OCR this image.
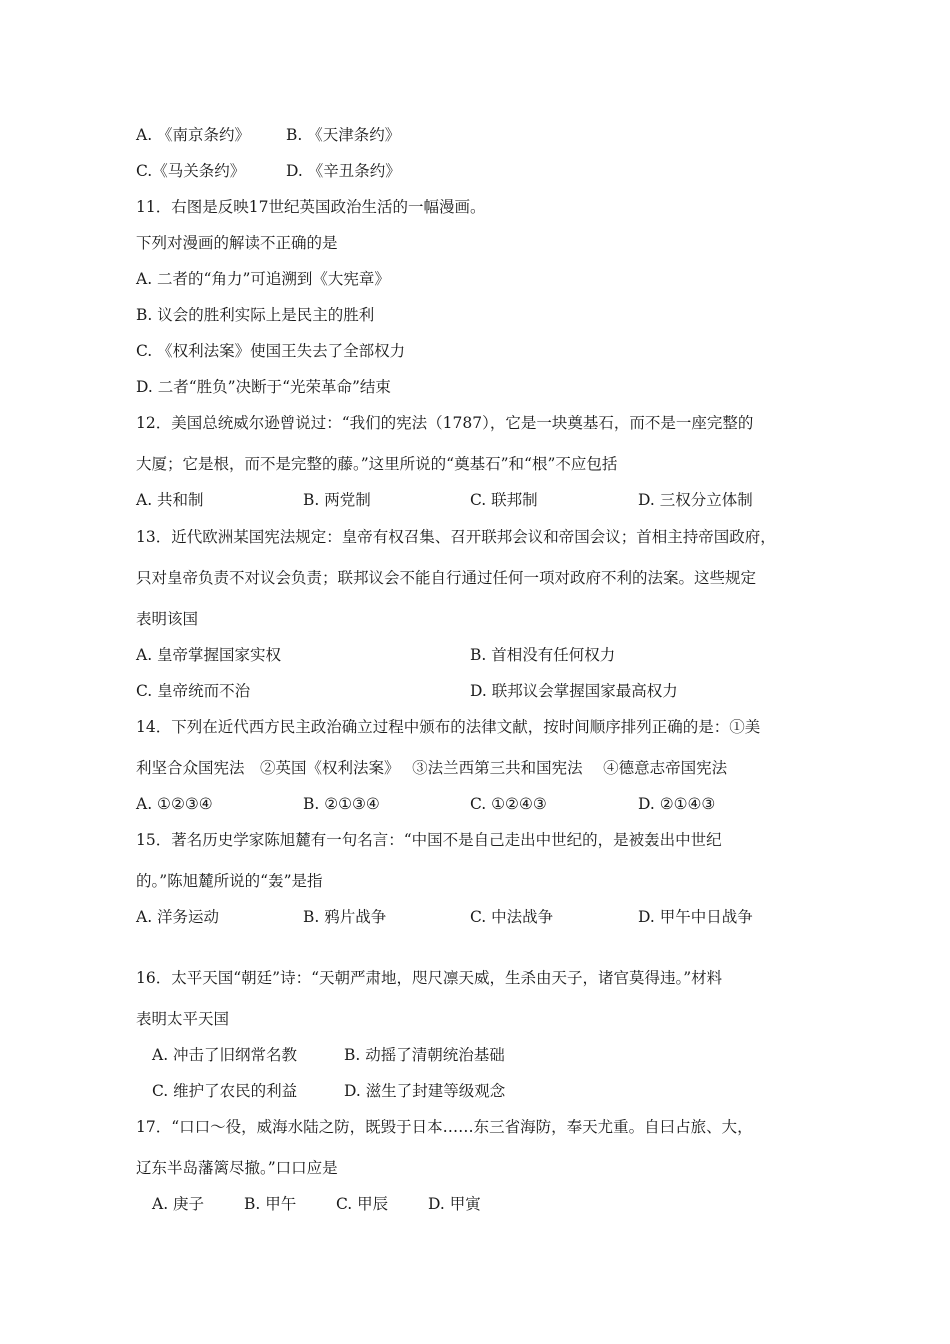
A. 《南京条约》 B. 《天津条约》
C.《马关条约》	D. 《辛丑条约》
11．右图是反映17世纪英国政治生活的一幅漫画。
下列对漫画的解读不正确的是
A. 二者的“角力”可追溯到《大宪章》
B. 议会的胜利实际上是民主的胜利
C. 《权利法案》使国王失去了全部权力
D. 二者“胜负”决断于“光荣革命”结束
12．美国总统威尔逊曾说过：“我们的宪法（1787），它是一块奠基石，而不是一座完整的
大厦；它是根，而不是完整的藤。”这里所说的“奠基石”和“根”不应包括
A. 共和制	B. 两党制	C. 联邦制	D. 三权分立体制
13．近代欧洲某国宪法规定：皇帝有权召集、召开联邦会议和帝国会议；首相主持帝国政府，
只对皇帝负责不对议会负责；联邦议会不能自行通过任何一项对政府不利的法案。这些规定
表明该国
A. 皇帝掌握国家实权	B. 首相没有任何权力
C. 皇帝统而不治	D. 联邦议会掌握国家最高权力
14．下列在近代西方民主政治确立过程中颁布的法律文献，按时间顺序排列正确的是：①美
利坚合众国宪法　②英国《权利法案》　 ③法兰西第三共和国宪法　 ④德意志帝国宪法
A. ①②③④	B. ②①③④	C. ①②④③	D. ②①④③
15．著名历史学家陈旭麓有一句名言：“中国不是自己走出中世纪的，是被轰出中世纪
的。”陈旭麓所说的“轰”是指
A. 洋务运动	B. 鸦片战争	C. 中法战争	D. 甲午中日战争
16．太平天国“朝廷”诗：“天朝严肃地，咫尺凛天威，生杀由天子，诸官莫得违。”材料
表明太平天国
A. 冲击了旧纲常名教	B. 动摇了清朝统治基础
C. 维护了农民的利益	D. 滋生了封建等级观念
17．“口口～役，威海水陆之防，既毁于日本……东三省海防，奉天尤重。自曰占旅、大，
辽东半岛藩篱尽撤。”口口应是
A. 庚子	B. 甲午	C. 甲辰	D. 甲寅
